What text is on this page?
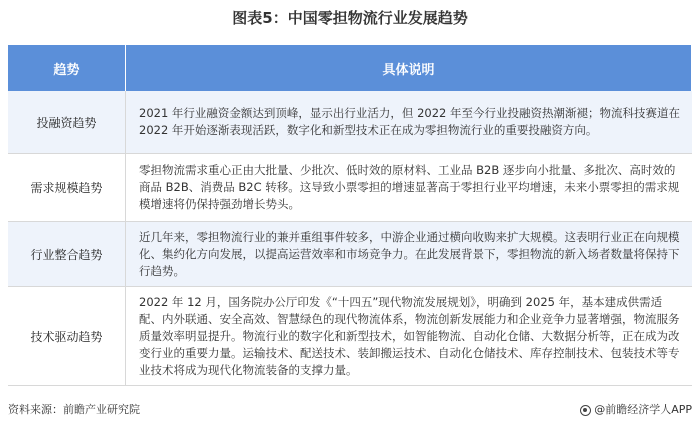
图表5：中国零担物流行业发展趋势
趋势	具体说明
投融资趋势	2021 年行业融资金额达到顶峰，显示出行业活力，但 2022 年至今行业投融资热潮渐褪；物流科技赛道在 2022 年开始逐渐表现活跃，数字化和新型技术正在成为零担物流行业的重要投融资方向。
需求规模趋势	零担物流需求重心正由大批量、少批次、低时效的原材料、工业品 B2B 逐步向小批量、多批次、高时效的商品 B2B、消费品 B2C 转移。这导致小票零担的增速显著高于零担行业平均增速，未来小票零担的需求规模增速将仍保持强劲增长势头。
行业整合趋势	近几年来，零担物流行业的兼并重组事件较多，中游企业通过横向收购来扩大规模。这表明行业正在向规模化、集约化方向发展，以提高运营效率和市场竞争力。在此发展背景下，零担物流的新入场者数量将保持下行趋势。
技术驱动趋势	2022 年 12 月，国务院办公厅印发《“十四五”现代物流发展规划》，明确到 2025 年，基本建成供需适配、内外联通、安全高效、智慧绿色的现代物流体系，物流创新发展能力和企业竞争力显著增强，物流服务质量效率明显提升。物流行业的数字化和新型技术，如智能物流、自动化仓储、大数据分析等，正在成为改变行业的重要力量。运输技术、配送技术、装卸搬运技术、自动化仓储技术、库存控制技术、包装技术等专业技术将成为现代化物流装备的支撑力量。
资料来源：前瞻产业研究院	@前瞻经济学人APP
